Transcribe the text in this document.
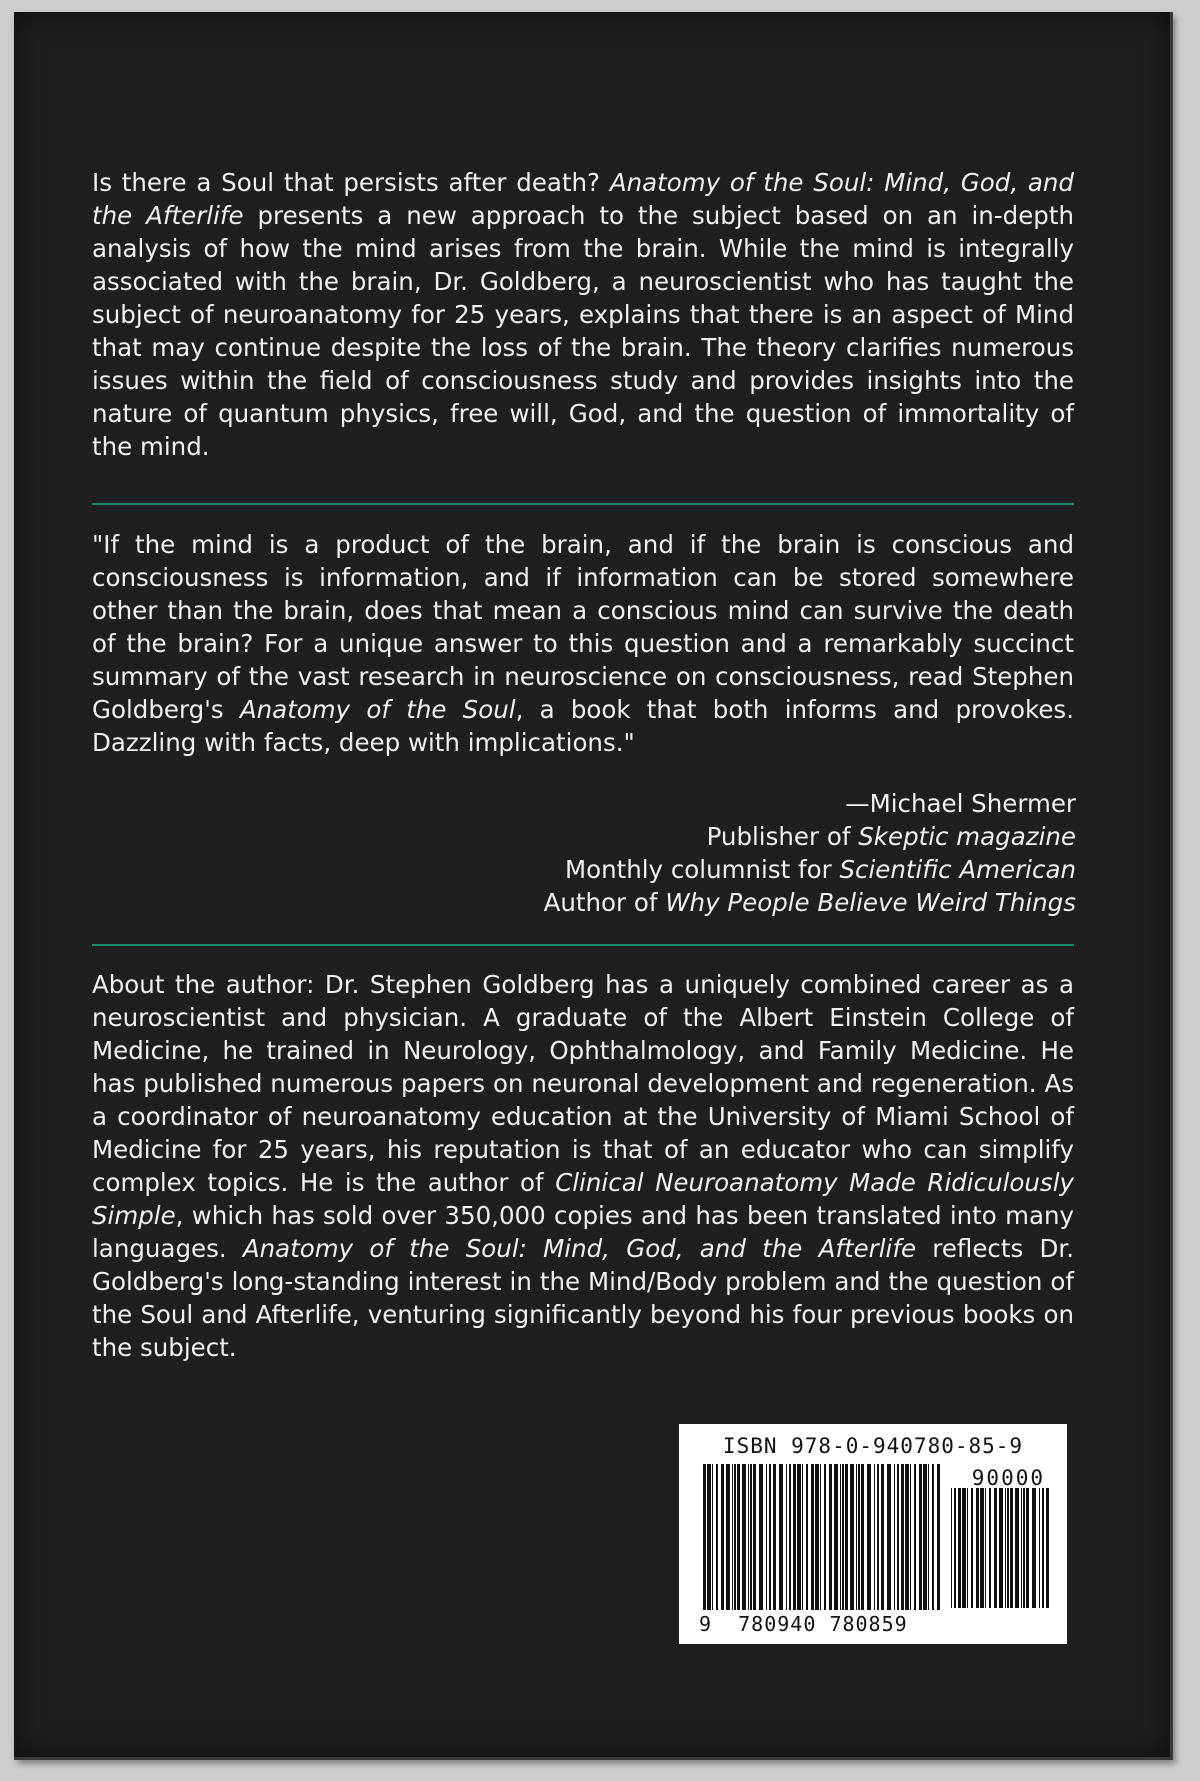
Is there a Soul that persists after death? Anatomy of the Soul: Mind, God, and the Afterlife presents a new approach to the subject based on an in-depth analysis of how the mind arises from the brain. While the mind is integrally associated with the brain, Dr. Goldberg, a neuroscientist who has taught the subject of neuroanatomy for 25 years, explains that there is an aspect of Mind that may continue despite the loss of the brain. The theory clarifies numerous issues within the field of consciousness study and provides insights into the nature of quantum physics, free will, God, and the question of immortality of the mind.

"If the mind is a product of the brain, and if the brain is conscious and consciousness is information, and if information can be stored somewhere other than the brain, does that mean a conscious mind can survive the death of the brain? For a unique answer to this question and a remarkably succinct summary of the vast research in neuroscience on consciousness, read Stephen Goldberg's Anatomy of the Soul, a book that both informs and provokes. Dazzling with facts, deep with implications."

—Michael Shermer
Publisher of Skeptic magazine
Monthly columnist for Scientific American
Author of Why People Believe Weird Things

About the author: Dr. Stephen Goldberg has a uniquely combined career as a neuroscientist and physician. A graduate of the Albert Einstein College of Medicine, he trained in Neurology, Ophthalmology, and Family Medicine. He has published numerous papers on neuronal development and regeneration. As a coordinator of neuroanatomy education at the University of Miami School of Medicine for 25 years, his reputation is that of an educator who can simplify complex topics. He is the author of Clinical Neuroanatomy Made Ridiculously Simple, which has sold over 350,000 copies and has been translated into many languages. Anatomy of the Soul: Mind, God, and the Afterlife reflects Dr. Goldberg's long-standing interest in the Mind/Body problem and the question of the Soul and Afterlife, venturing significantly beyond his four previous books on the subject.

ISBN 978-0-940780-85-9
90000
9 780940 780859
